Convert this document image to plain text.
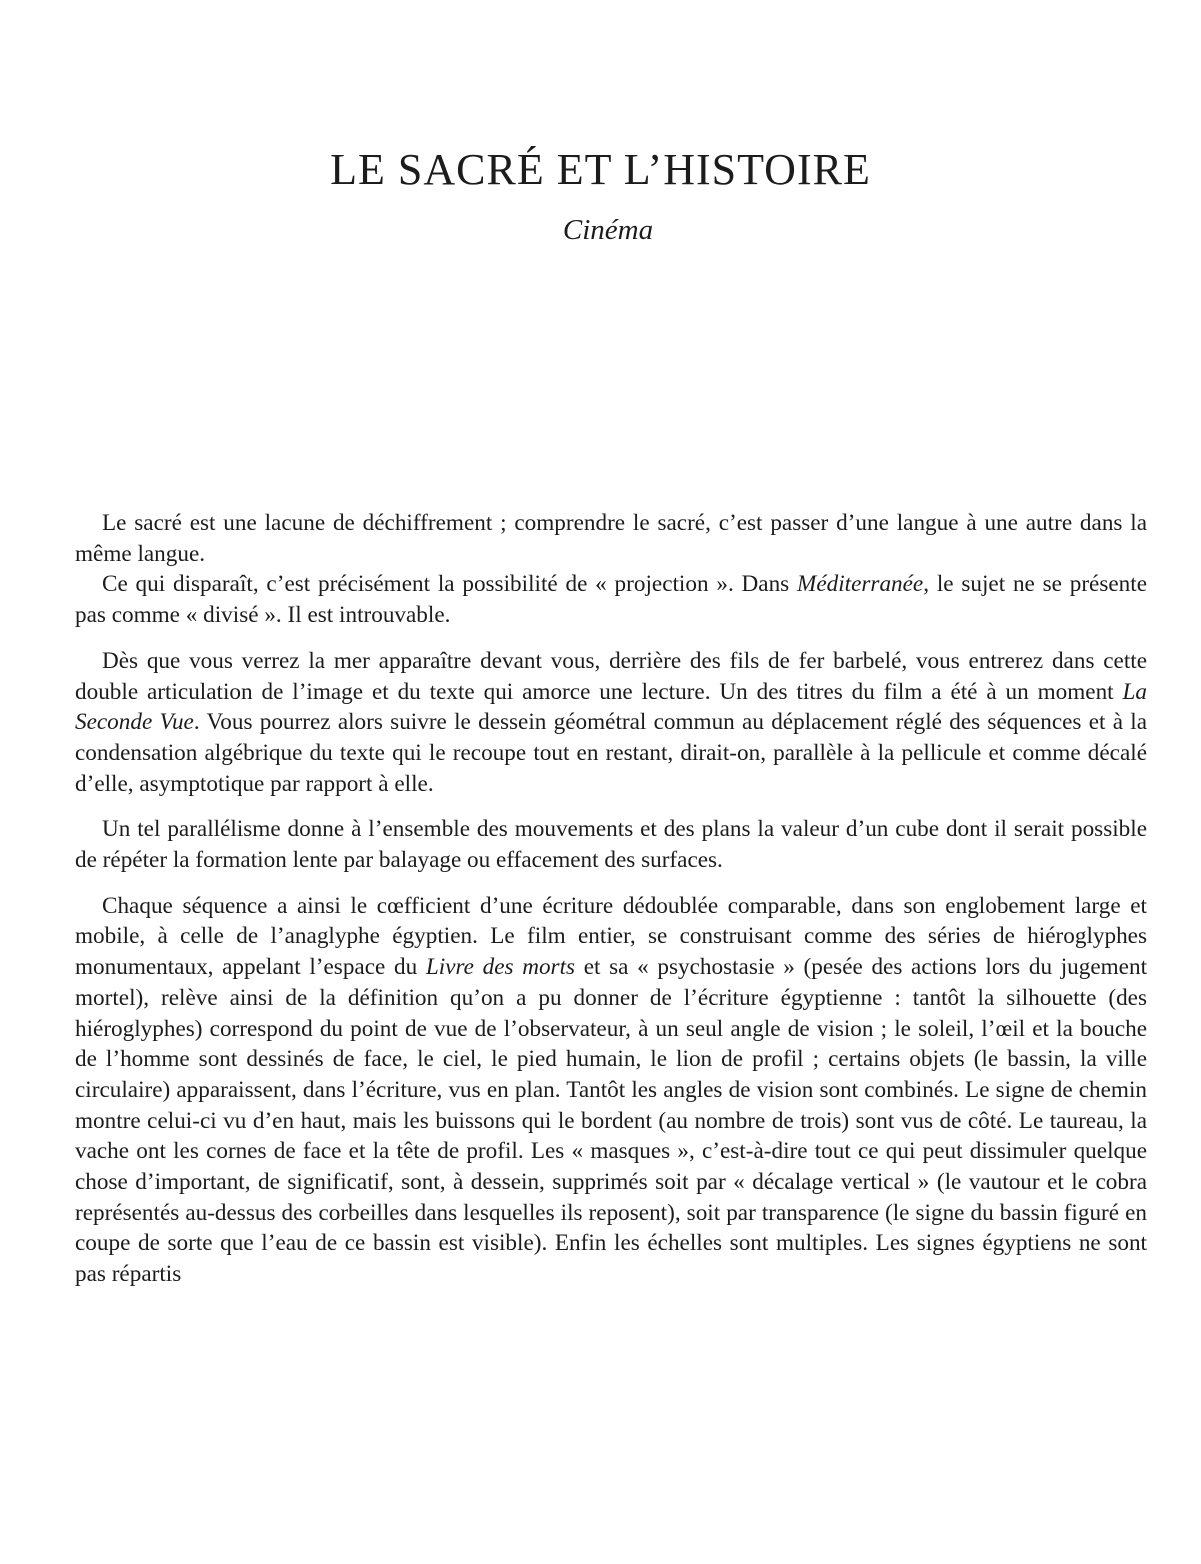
LE SACRÉ ET L’HISTOIRE
Cinéma

Le sacré est une lacune de déchiffrement ; comprendre le sacré, c’est passer d’une langue à une autre dans la même langue.

Ce qui disparaît, c’est précisément la possibilité de « projection ». Dans Méditerranée, le sujet ne se présente pas comme « divisé ». Il est introuvable.

Dès que vous verrez la mer apparaître devant vous, derrière des fils de fer barbelé, vous entrerez dans cette double articulation de l’image et du texte qui amorce une lecture. Un des titres du film a été à un moment La Seconde Vue. Vous pourrez alors suivre le dessein géométral commun au déplacement réglé des séquences et à la condensation algébrique du texte qui le recoupe tout en restant, dirait-on, parallèle à la pellicule et comme décalé d’elle, asymptotique par rapport à elle.

Un tel parallélisme donne à l’ensemble des mouvements et des plans la valeur d’un cube dont il serait possible de répéter la formation lente par balayage ou effacement des surfaces.

Chaque séquence a ainsi le cœfficient d’une écriture dédoublée comparable, dans son englobement large et mobile, à celle de l’anaglyphe égyptien. Le film entier, se construisant comme des séries de hiéroglyphes monumentaux, appelant l’espace du Livre des morts et sa « psychostasie » (pesée des actions lors du jugement mortel), relève ainsi de la définition qu’on a pu donner de l’écriture égyptienne : tantôt la silhouette (des hiéroglyphes) correspond du point de vue de l’observateur, à un seul angle de vision ; le soleil, l’œil et la bouche de l’homme sont dessinés de face, le ciel, le pied humain, le lion de profil ; certains objets (le bassin, la ville circulaire) apparaissent, dans l’écriture, vus en plan. Tantôt les angles de vision sont combinés. Le signe de chemin montre celui-ci vu d’en haut, mais les buissons qui le bordent (au nombre de trois) sont vus de côté. Le taureau, la vache ont les cornes de face et la tête de profil. Les « masques », c’est-à-dire tout ce qui peut dissimuler quelque chose d’important, de significatif, sont, à dessein, supprimés soit par « décalage vertical » (le vautour et le cobra représentés au-dessus des corbeilles dans lesquelles ils reposent), soit par transparence (le signe du bassin figuré en coupe de sorte que l’eau de ce bassin est visible). Enfin les échelles sont multiples. Les signes égyptiens ne sont pas répartis
